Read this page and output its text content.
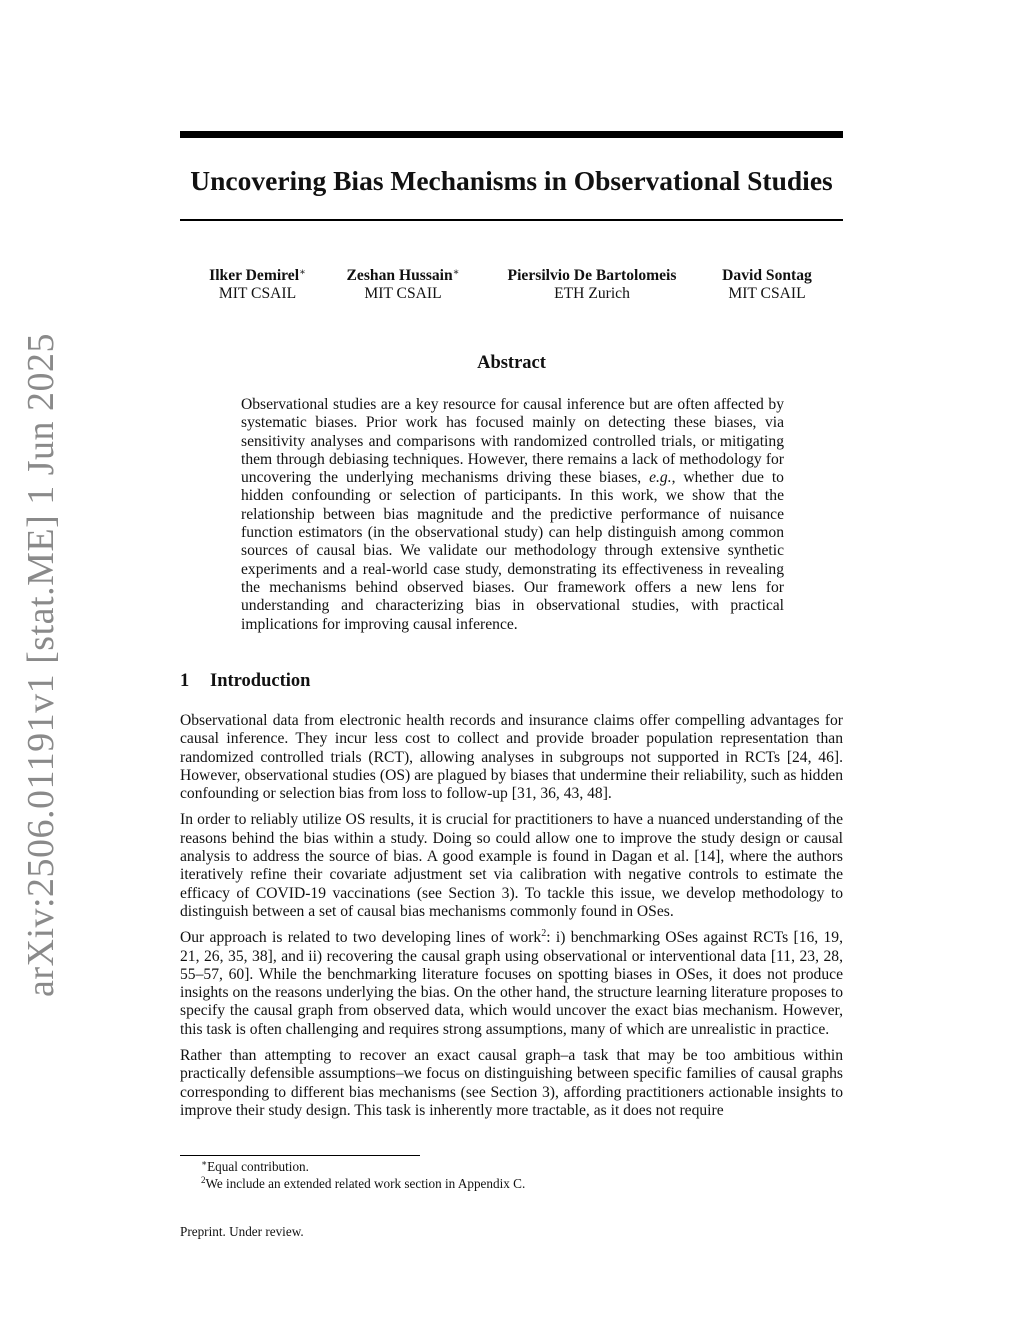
arXiv:2506.01191v1 [stat.ME] 1 Jun 2025
Uncovering Bias Mechanisms in Observational Studies
Ilker Demirel∗
MIT CSAIL
Zeshan Hussain∗
MIT CSAIL
Piersilvio De Bartolomeis
ETH Zurich
David Sontag
MIT CSAIL
Abstract

Observational studies are a key resource for causal inference but are often affected by systematic biases. Prior work has focused mainly on detecting these biases, via sensitivity analyses and comparisons with randomized controlled trials, or mitigating them through debiasing techniques. However, there remains a lack of methodology for uncovering the underlying mechanisms driving these biases, e.g., whether due to hidden confounding or selection of participants. In this work, we show that the relationship between bias magnitude and the predictive performance of nuisance function estimators (in the observational study) can help distinguish among common sources of causal bias. We validate our methodology through extensive synthetic experiments and a real-world case study, demonstrating its effectiveness in revealing the mechanisms behind observed biases. Our framework offers a new lens for understanding and characterizing bias in observational studies, with practical implications for improving causal inference.

1 Introduction

Observational data from electronic health records and insurance claims offer compelling advantages for causal inference. They incur less cost to collect and provide broader population representation than randomized controlled trials (RCT), allowing analyses in subgroups not supported in RCTs [24, 46]. However, observational studies (OS) are plagued by biases that undermine their reliability, such as hidden confounding or selection bias from loss to follow-up [31, 36, 43, 48].

In order to reliably utilize OS results, it is crucial for practitioners to have a nuanced understanding of the reasons behind the bias within a study. Doing so could allow one to improve the study design or causal analysis to address the source of bias. A good example is found in Dagan et al. [14], where the authors iteratively refine their covariate adjustment set via calibration with negative controls to estimate the efficacy of COVID-19 vaccinations (see Section 3). To tackle this issue, we develop methodology to distinguish between a set of causal bias mechanisms commonly found in OSes.

Our approach is related to two developing lines of work$^2$: i) benchmarking OSes against RCTs [16, 19, 21, 26, 35, 38], and ii) recovering the causal graph using observational or interventional data [11, 23, 28, 55–57, 60]. While the benchmarking literature focuses on spotting biases in OSes, it does not produce insights on the reasons underlying the bias. On the other hand, the structure learning literature proposes to specify the causal graph from observed data, which would uncover the exact bias mechanism. However, this task is often challenging and requires strong assumptions, many of which are unrealistic in practice.

Rather than attempting to recover an exact causal graph–a task that may be too ambitious within practically defensible assumptions–we focus on distinguishing between specific families of causal graphs corresponding to different bias mechanisms (see Section 3), affording practitioners actionable insights to improve their study design. This task is inherently more tractable, as it does not require

∗Equal contribution.
$^2$We include an extended related work section in Appendix C.
Preprint. Under review.
